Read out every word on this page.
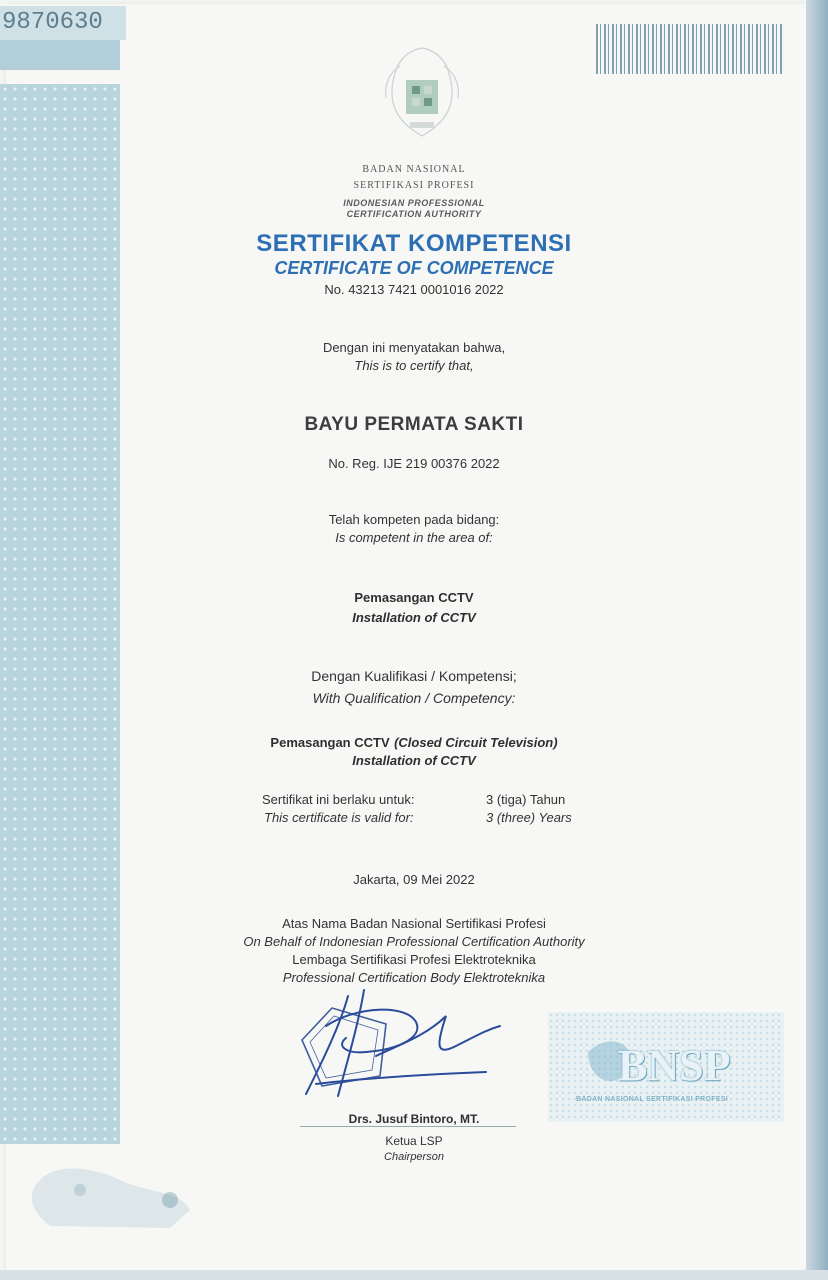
9870630
BADAN NASIONAL
SERTIFIKASI PROFESI
INDONESIAN PROFESSIONAL
CERTIFICATION AUTHORITY
SERTIFIKAT KOMPETENSI
CERTIFICATE OF COMPETENCE
No. 43213 7421 0001016 2022
Dengan ini menyatakan bahwa,
This is to certify that,
BAYU PERMATA SAKTI
No. Reg. IJE 219 00376 2022
Telah kompeten pada bidang:
Is competent in the area of:
Pemasangan CCTV
Installation of CCTV
Dengan Kualifikasi / Kompetensi;
With Qualification / Competency:
Pemasangan CCTV (Closed Circuit Television)
Installation of CCTV
Sertifikat ini berlaku untuk:	3 (tiga) Tahun
This certificate is valid for:	3 (three) Years
Jakarta, 09 Mei 2022
Atas Nama Badan Nasional Sertifikasi Profesi
On Behalf of Indonesian Professional Certification Authority
Lembaga Sertifikasi Profesi Elektroteknika
Professional Certification Body Elektroteknika
Drs. Jusuf Bintoro, MT.
Ketua LSP
Chairperson
BNSP
BADAN NASIONAL SERTIFIKASI PROFESI
